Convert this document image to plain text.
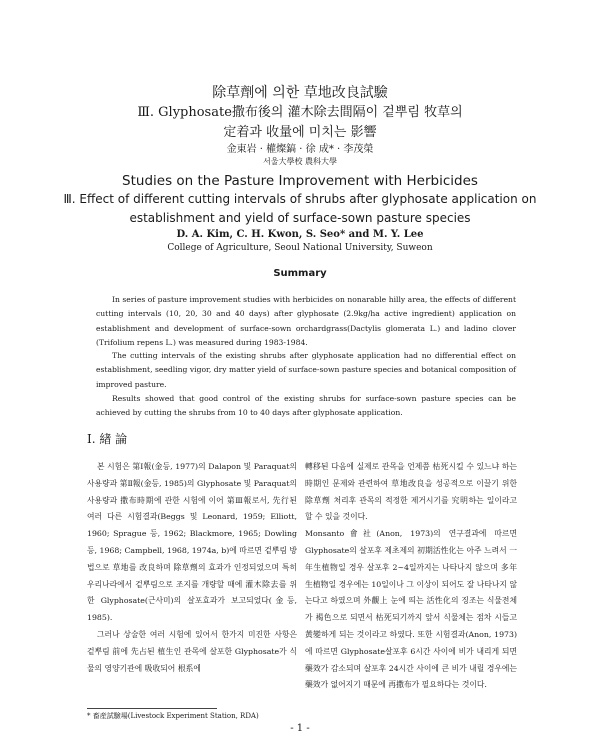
除草劑에 의한 草地改良試驗
Ⅲ. Glyphosate撒布後의 灌木除去間隔이 겉뿌림 牧草의
定着과 收量에 미치는 影響
金東岩 · 權燦鎬 · 徐 成* · 李茂榮
서울大學校 農科大學
Studies on the Pasture Improvement with Herbicides
Ⅲ. Effect of different cutting intervals of shrubs after glyphosate application on
establishment and yield of surface-sown pasture species
D. A. Kim, C. H. Kwon, S. Seo* and M. Y. Lee
College of Agriculture, Seoul National University, Suweon
Summary

In series of pasture improvement studies with herbicides on nonarable hilly area, the effects of different cutting intervals (10, 20, 30 and 40 days) after glyphosate (2.9kg/ha active ingredient) application on establishment and development of surface-sown orchardgrass(Dactylis glomerata L.) and ladino clover (Trifolium repens L.) was measured during 1983-1984.

The cutting intervals of the existing shrubs after glyphosate application had no differential effect on establishment, seedling vigor, dry matter yield of surface-sown pasture species and botanical composition of improved pasture.

Results showed that good control of the existing shrubs for surface-sown pasture species can be achieved by cutting the shrubs from 10 to 40 days after glyphosate application.

Ⅰ. 緖 論

본 시험은 第Ⅰ報(金등, 1977)의 Dalapon 및 Paraquat의 사용량과 第Ⅱ報(金등, 1985)의 Glyphosate 및 Paraquat의 사용량과 撒布時期에 관한 시험에 이어 第Ⅲ報로서, 先行된 여러 다른 시험결과(Beggs 및 Leonard, 1959; Elliott, 1960; Sprague 등, 1962; Blackmore, 1965; Dowling등, 1968; Campbell, 1968, 1974a, b)에 따르면 겉뿌림 방법으로 草地를 改良하며 除草劑의 효과가 인정되었으며 특히 우리나라에서 겉뿌림으로 조지를 개량할 때에 灌木除去를 위한 Glyphosate(근사미)의 살포효과가 보고되었다(金등, 1985).

그러나 상술한 여러 시험에 있어서 한가지 미진한 사항은 겉뿌림 前에 先占된 植生인 관목에 살포한 Glyphosate가 식물의 영양기관에 吸收되어 根系에

轉移된 다음에 실제로 관목을 언제쯤 枯死시킬 수 있느냐 하는 時期인 문제와 관련하여 草地改良을 성공적으로 이끌기 위한 除草劑 처리후 관목의 적정한 제거시기를 究明하는 일이라고 할 수 있을 것이다.

Monsanto會社(Anon, 1973)의 연구결과에 따르면 Glyphosate의 살포후 제초제의 初期活性化는 아주 느려서 一年生植物일 경우 살포후 2~4일까지는 나타나지 않으며 多年生植物일 경우에는 10일이나 그 이상이 되어도 잘 나타나지 않는다고 하였으며 外觀上 눈에 띄는 活性化의 징조는 식물전체가 褐色으로 되면서 枯死되기까지 앞서 식물체는 점차 시들고 黃變하게 되는 것이라고 하였다. 또한 시험결과(Anon, 1973)에 따르면 Glyphosate살포후 6시간 사이에 비가 내리게 되면 藥效가 감소되며 살포후 24시간 사이에 큰 비가 내릴 경우에는 藥效가 없어지기 때문에 再撒布가 필요하다는 것이다.

* 畜産試驗場(Livestock Experiment Station, RDA)
- 1 -
